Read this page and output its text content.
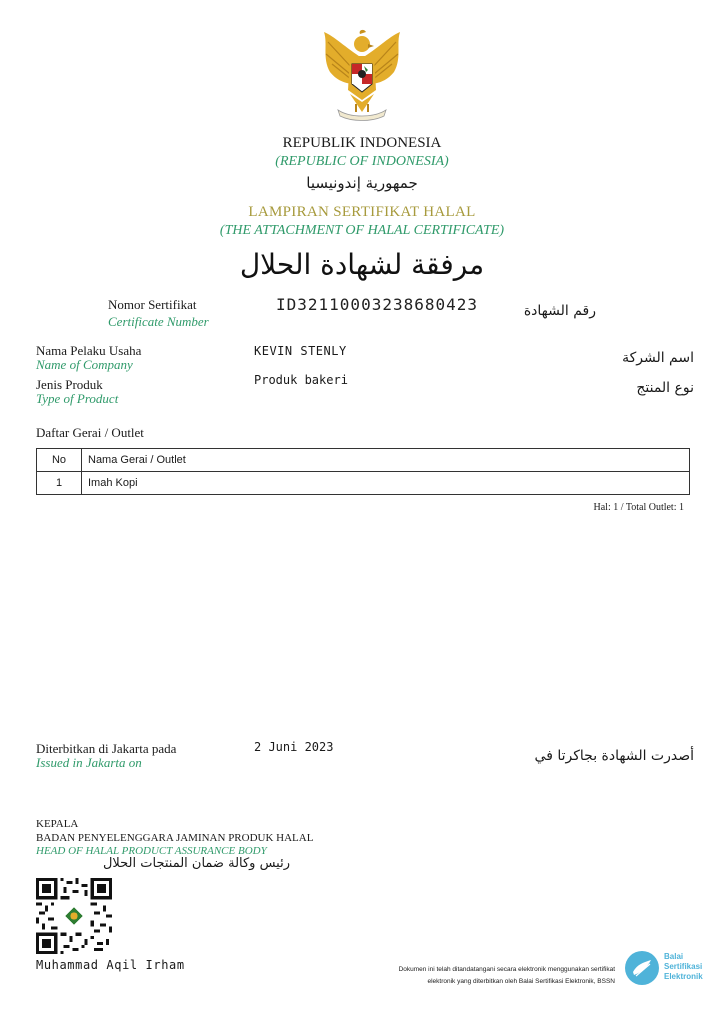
REPUBLIK INDONESIA
(REPUBLIC OF INDONESIA)
جمهورية إندونيسيا
LAMPIRAN SERTIFIKAT HALAL
(THE ATTACHMENT OF HALAL CERTIFICATE)
مرفقة لشهادة الحلال
Nomor Sertifikat
Certificate Number
ID32110003238680423	رقم الشهادة
Nama Pelaku Usaha
Name of Company
KEVIN STENLY	اسم الشركة
Jenis Produk
Type of Product
Produk bakeri	نوع المنتج
Daftar Gerai / Outlet
No	Nama Gerai / Outlet
1	Imah Kopi
Hal: 1 / Total Outlet: 1
Diterbitkan di Jakarta pada
Issued in Jakarta on
2 Juni 2023
أصدرت الشهادة بجاكرتا في
KEPALA
BADAN PENYELENGGARA JAMINAN PRODUK HALAL
HEAD OF HALAL PRODUCT ASSURANCE BODY
رئيس وكالة ضمان المنتجات الحلال
Muhammad Aqil Irham	Dokumen ini telah ditandatangani secara elektronik menggunakan sertifikat
elektronik yang diterbitkan oleh Balai Sertifikasi Elektronik, BSSN
Balai
Sertifikasi
Elektronik
